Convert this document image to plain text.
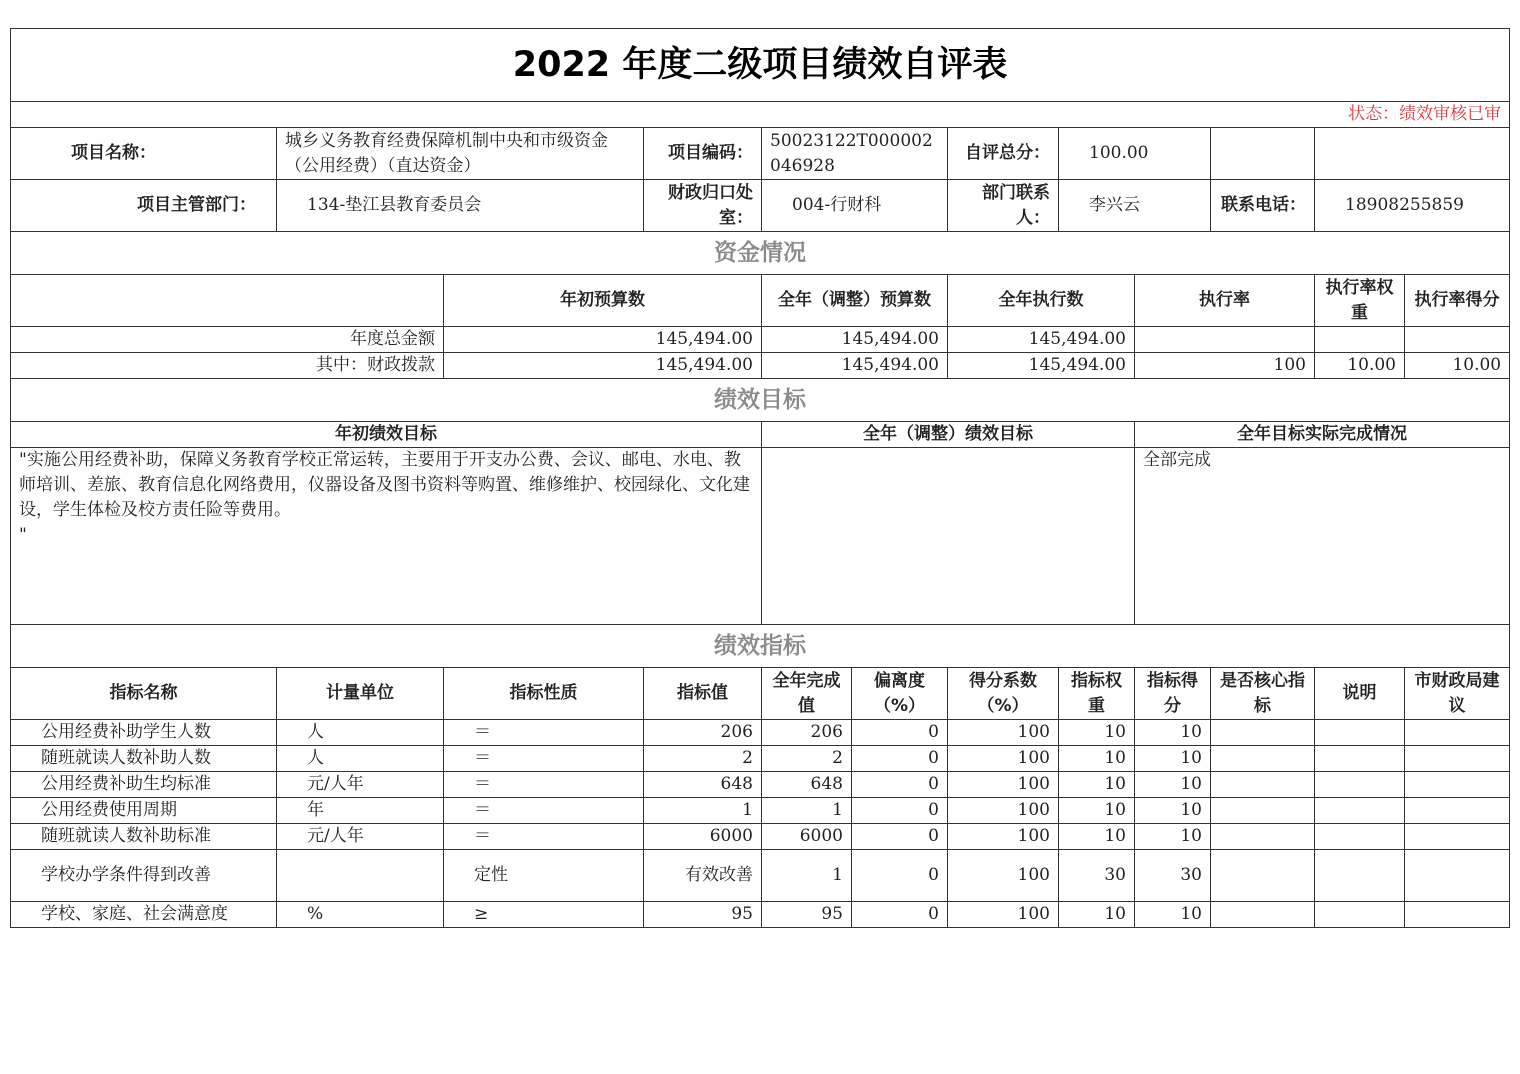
2022 年度二级项目绩效自评表											
状态：绩效审核已审											
项目名称：	城乡义务教育经费保障机制中央和市级资金（公用经费）（直达资金）		项目编码：	50023122T000002046928		自评总分：	100.00				
项目主管部门：	134-垫江县教育委员会		财政归口处室：	004-行财科		部门联系人：	李兴云		联系电话：	18908255859	
资金情况											
		年初预算数		全年（调整）预算数		全年执行数		执行率		执行率权重	执行率得分
年度总金额		145,494.00		145,494.00		145,494.00					
其中：财政拨款		145,494.00		145,494.00		145,494.00		100		10.00	10.00
绩效目标											
年初绩效目标				全年（调整）绩效目标				全年目标实际完成情况			

"实施公用经费补助，保障义务教育学校正常运转，主要用于开支办公费、会议、邮电、水电、教师培训、差旅、教育信息化网络费用，仪器设备及图书资料等购置、维修维护、校园绿化、文化建设，学生体检及校方责任险等费用。
"								全部完成			
绩效指标											
指标名称	计量单位	指标性质	指标值	全年完成值	偏离度（%）	得分系数（%）	指标权重	指标得分	是否核心指标	说明	市财政局建议
公用经费补助学生人数	人	＝	206	206	0	100	10	10			
随班就读人数补助人数	人	＝	2	2	0	100	10	10			
公用经费补助生均标准	元/人年	＝	648	648	0	100	10	10			
公用经费使用周期	年	＝	1	1	0	100	10	10			
随班就读人数补助标准	元/人年	＝	6000	6000	0	100	10	10			
学校办学条件得到改善		定性	有效改善	1	0	100	30	30			
学校、家庭、社会满意度	%	≥	95	95	0	100	10	10			
